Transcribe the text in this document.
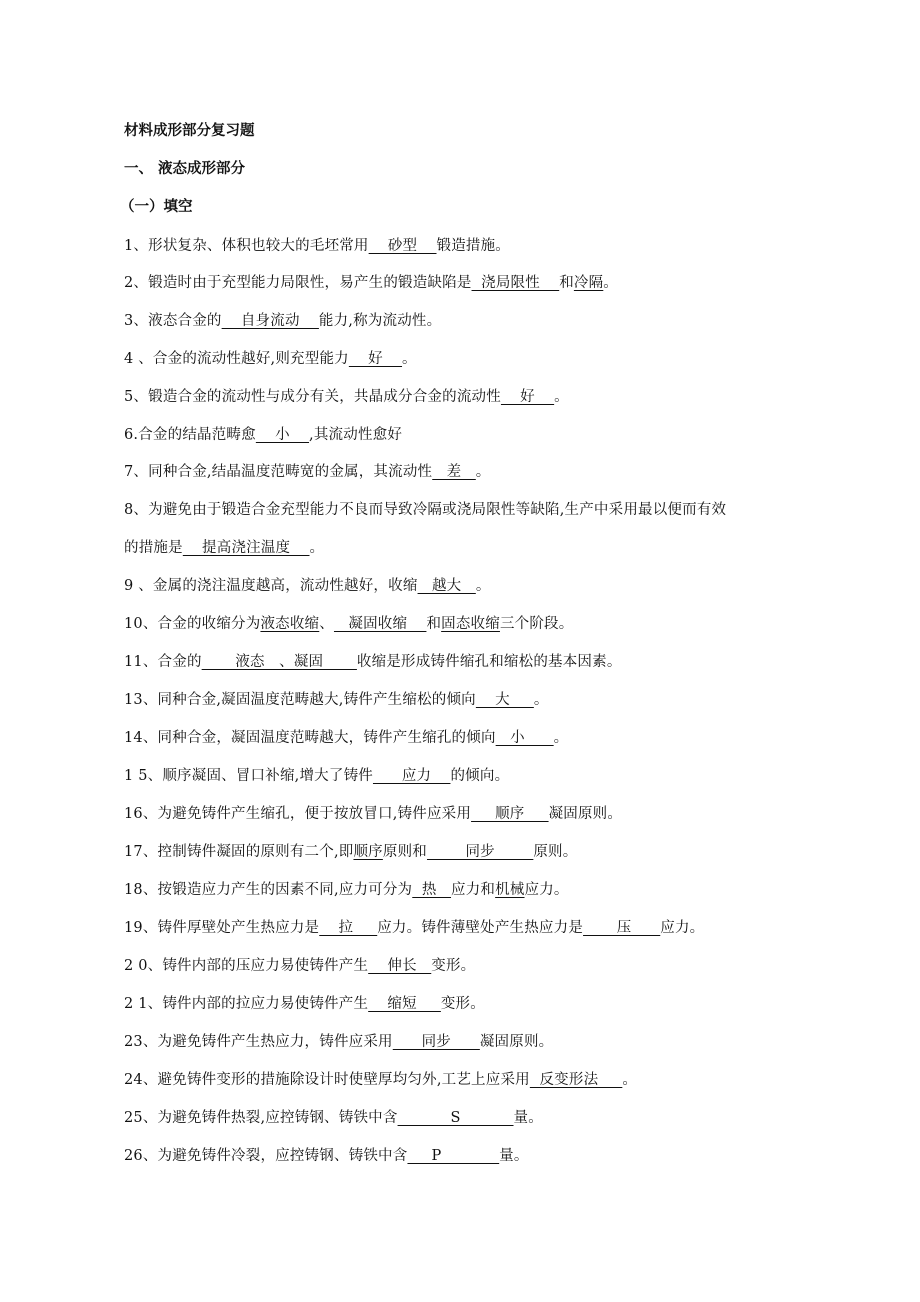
材料成形部分复习题
一、 液态成形部分
（一）填空
1、形状复杂、体积也较大的毛坯常用    砂型    锻造措施。
2、锻造时由于充型能力局限性，易产生的锻造缺陷是  浇局限性    和冷隔。
3、液态合金的    自身流动    能力,称为流动性。
4 、合金的流动性越好,则充型能力    好    。
5、锻造合金的流动性与成分有关，共晶成分合金的流动性    好    。
6.合金的结晶范畴愈    小    ,其流动性愈好
7、同种合金,结晶温度范畴宽的金属，其流动性   差   。
8、为避免由于锻造合金充型能力不良而导致冷隔或浇局限性等缺陷,生产中采用最以便而有效
的措施是    提高浇注温度    。
9 、金属的浇注温度越高，流动性越好，收缩   越大   。
10、合金的收缩分为液态收缩、   凝固收缩    和固态收缩三个阶段。
11、合金的       液态   、凝固       收缩是形成铸件缩孔和缩松的基本因素。
13、同种合金,凝固温度范畴越大,铸件产生缩松的倾向    大     。
14、同种合金，凝固温度范畴越大，铸件产生缩孔的倾向   小      。
1 5、顺序凝固、冒口补缩,增大了铸件      应力    的倾向。
16、为避免铸件产生缩孔，便于按放冒口,铸件应采用     顺序     凝固原则。
17、控制铸件凝固的原则有二个,即顺序原则和        同步        原则。
18、按锻造应力产生的因素不同,应力可分为  热   应力和机械应力。
19、铸件厚壁处产生热应力是    拉     应力。铸件薄壁处产生热应力是       压      应力。
2 0、铸件内部的压应力易使铸件产生    伸长   变形。
2 1、铸件内部的拉应力易使铸件产生    缩短     变形。
23、为避免铸件产生热应力，铸件应采用      同步      凝固原则。
24、避免铸件变形的措施除设计时使壁厚均匀外,工艺上应采用  反变形法     。
25、为避免铸件热裂,应控铸钢、铸铁中含           S           量。
26、为避免铸件冷裂，应控铸钢、铸铁中含     P            量。
